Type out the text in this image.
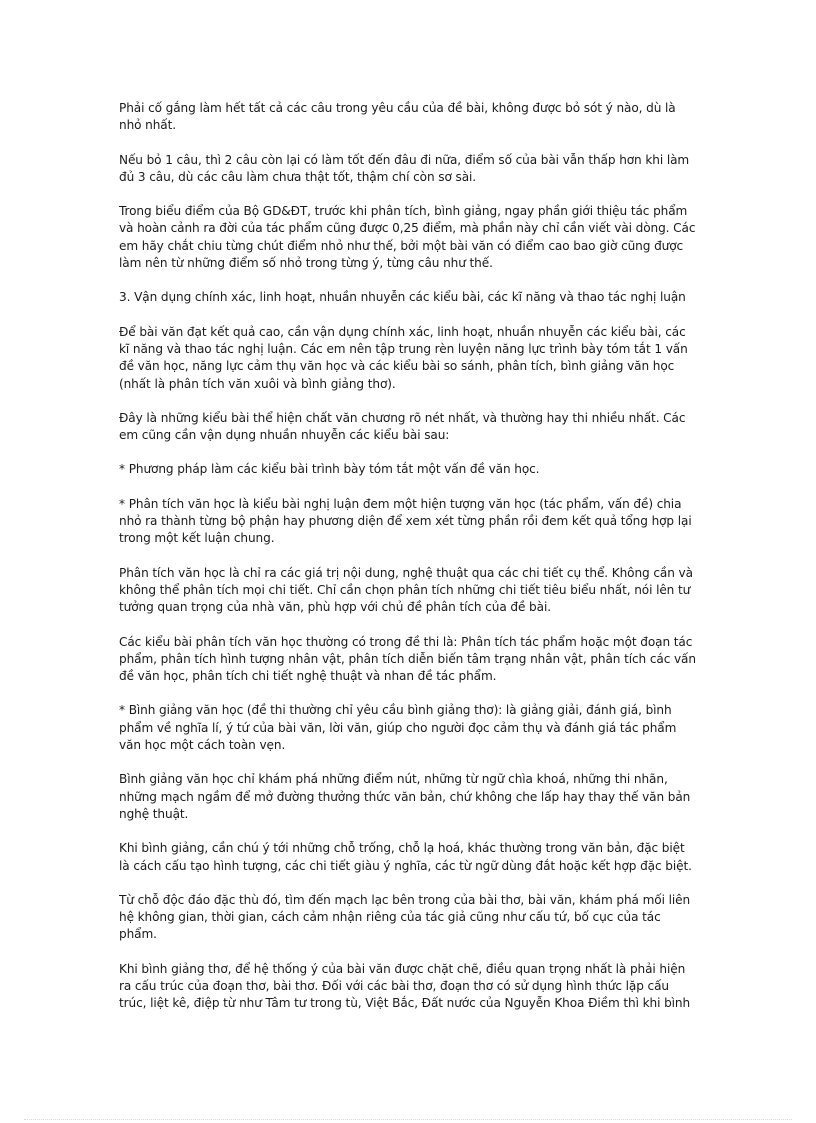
Phải cố gắng làm hết tất cả các câu trong yêu cầu của đề bài, không được bỏ sót ý nào, dù là nhỏ nhất.

Nếu bỏ 1 câu, thì 2 câu còn lại có làm tốt đến đâu đi nữa, điểm số của bài vẫn thấp hơn khi làm đủ 3 câu, dù các câu làm chưa thật tốt, thậm chí còn sơ sài.

Trong biểu điểm của Bộ GD&ĐT, trước khi phân tích, bình giảng, ngay phần giới thiệu tác phẩm và hoàn cảnh ra đời của tác phẩm cũng được 0,25 điểm, mà phần này chỉ cần viết vài dòng. Các em hãy chắt chiu từng chút điểm nhỏ như thế, bởi một bài văn có điểm cao bao giờ cũng được làm nên từ những điểm số nhỏ trong từng ý, từng câu như thế.

3. Vận dụng chính xác, linh hoạt, nhuần nhuyễn các kiểu bài, các kĩ năng và thao tác nghị luận

Để bài văn đạt kết quả cao, cần vận dụng chính xác, linh hoạt, nhuần nhuyễn các kiểu bài, các kĩ năng và thao tác nghị luận. Các em nên tập trung rèn luyện năng lực trình bày tóm tắt 1 vấn đề văn học, năng lực cảm thụ văn học và các kiểu bài so sánh, phân tích, bình giảng văn học (nhất là phân tích văn xuôi và bình giảng thơ).

Đây là những kiểu bài thể hiện chất văn chương rõ nét nhất, và thường hay thi nhiều nhất. Các em cũng cần vận dụng nhuần nhuyễn các kiểu bài sau:

* Phương pháp làm các kiểu bài trình bày tóm tắt một vấn đề văn học.

* Phân tích văn học là kiểu bài nghị luận đem một hiện tượng văn học (tác phẩm, vấn đề) chia nhỏ ra thành từng bộ phận hay phương diện để xem xét từng phần rồi đem kết quả tổng hợp lại trong một kết luận chung.

Phân tích văn học là chỉ ra các giá trị nội dung, nghệ thuật qua các chi tiết cụ thể. Không cần và không thể phân tích mọi chi tiết. Chỉ cần chọn phân tích những chi tiết tiêu biểu nhất, nói lên tư tưởng quan trọng của nhà văn, phù hợp với chủ đề phân tích của đề bài.

Các kiểu bài phân tích văn học thường có trong đề thi là: Phân tích tác phẩm hoặc một đoạn tác phẩm, phân tích hình tượng nhân vật, phân tích diễn biến tâm trạng nhân vật, phân tích các vấn đề văn học, phân tích chi tiết nghệ thuật và nhan đề tác phẩm.

* Bình giảng văn học (đề thi thường chỉ yêu cầu bình giảng thơ): là giảng giải, đánh giá, bình phẩm về nghĩa lí, ý tứ của bài văn, lời văn, giúp cho người đọc cảm thụ và đánh giá tác phẩm văn học một cách toàn vẹn.

Bình giảng văn học chỉ khám phá những điểm nút, những từ ngữ chìa khoá, những thi nhãn, những mạch ngầm để mở đường thưởng thức văn bản, chứ không che lấp hay thay thế văn bản nghệ thuật.

Khi bình giảng, cần chú ý tới những chỗ trống, chỗ lạ hoá, khác thường trong văn bản, đặc biệt là cách cấu tạo hình tượng, các chi tiết giàu ý nghĩa, các từ ngữ dùng đắt hoặc kết hợp đặc biệt.

Từ chỗ độc đáo đặc thù đó, tìm đến mạch lạc bên trong của bài thơ, bài văn, khám phá mối liên hệ không gian, thời gian, cách cảm nhận riêng của tác giả cũng như cấu tứ, bố cục của tác phẩm.

Khi bình giảng thơ, để hệ thống ý của bài văn được chặt chẽ, điều quan trọng nhất là phải hiện ra cấu trúc của đoạn thơ, bài thơ. Đối với các bài thơ, đoạn thơ có sử dụng hình thức lặp cấu trúc, liệt kê, điệp từ như Tâm tư trong tù, Việt Bắc, Đất nước của Nguyễn Khoa Điềm thì khi bình
